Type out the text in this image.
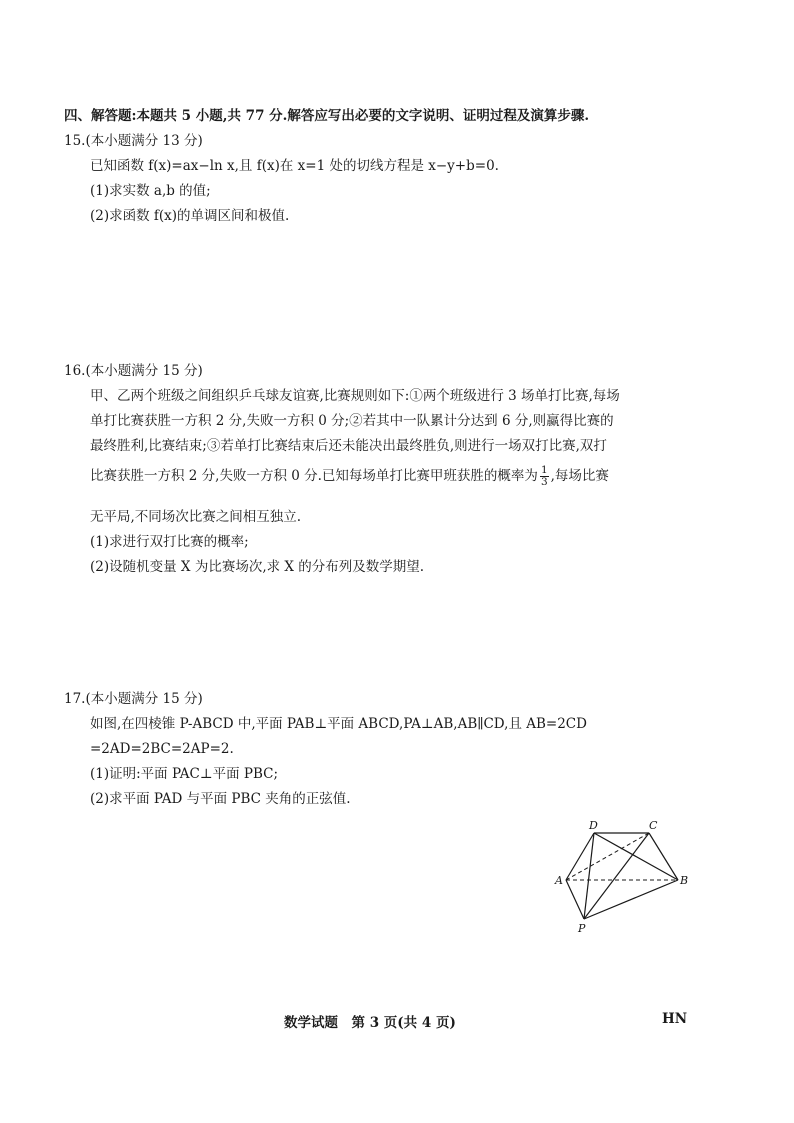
四、解答题:本题共 5 小题,共 77 分.解答应写出必要的文字说明、证明过程及演算步骤.
15.(本小题满分 13 分)
已知函数 f(x)=ax−ln x,且 f(x)在 x=1 处的切线方程是 x−y+b=0.
(1)求实数 a,b 的值;
(2)求函数 f(x)的单调区间和极值.
16.(本小题满分 15 分)
甲、乙两个班级之间组织乒乓球友谊赛,比赛规则如下:①两个班级进行 3 场单打比赛,每场
单打比赛获胜一方积 2 分,失败一方积 0 分;②若其中一队累计分达到 6 分,则赢得比赛的
最终胜利,比赛结束;③若单打比赛结束后还未能决出最终胜负,则进行一场双打比赛,双打
比赛获胜一方积 2 分,失败一方积 0 分.已知每场单打比赛甲班获胜的概率为 $\frac{1}{3}$ ,每场比赛
无平局,不同场次比赛之间相互独立.
(1)求进行双打比赛的概率;
(2)设随机变量 X 为比赛场次,求 X 的分布列及数学期望.
17.(本小题满分 15 分)
如图,在四棱锥 P-ABCD 中,平面 PAB⊥平面 ABCD,PA⊥AB,AB∥CD,且 AB=2CD
=2AD=2BC=2AP=2.
(1)证明:平面 PAC⊥平面 PBC;
(2)求平面 PAD 与平面 PBC 夹角的正弦值.
D	C
A	B
P
数学试题　第 3 页(共 4 页)	HN
